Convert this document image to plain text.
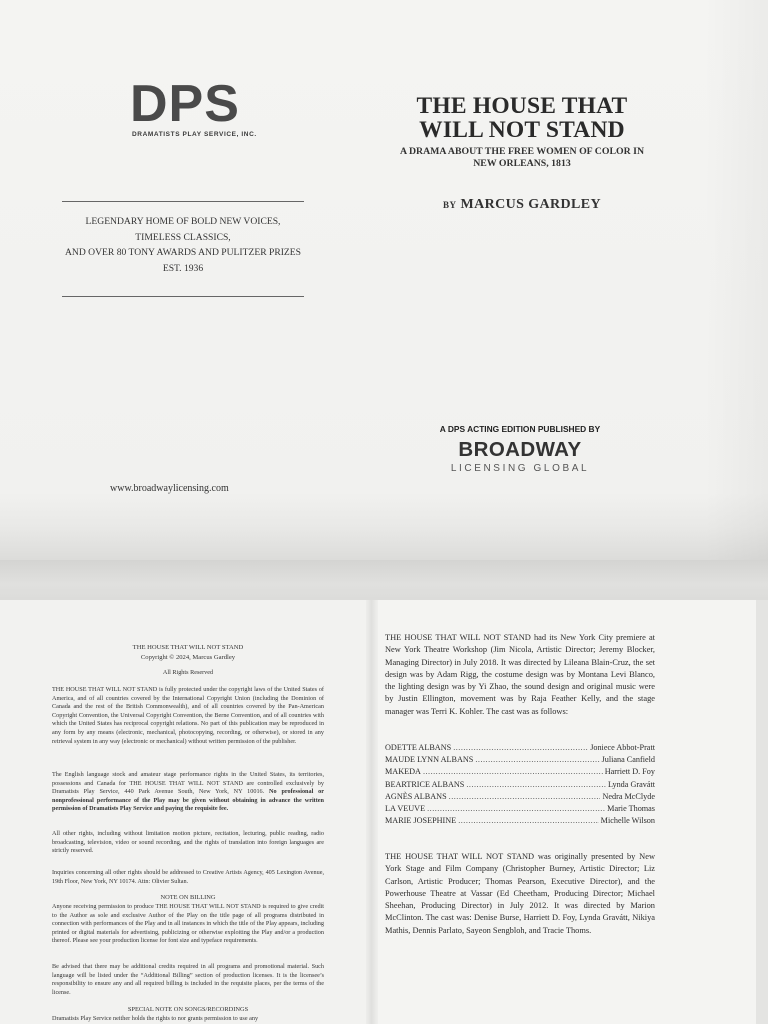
DPS
DRAMATISTS PLAY SERVICE, INC.
LEGENDARY HOME OF BOLD NEW VOICES,
TIMELESS CLASSICS,
AND OVER 80 TONY AWARDS AND PULITZER PRIZES
EST. 1936
www.broadwaylicensing.com
THE HOUSE THAT WILL NOT STAND
A DRAMA ABOUT THE FREE WOMEN OF COLOR IN NEW ORLEANS, 1813
BY MARCUS GARDLEY
A DPS ACTING EDITION PUBLISHED BY
BROADWAY
LICENSING GLOBAL
THE HOUSE THAT WILL NOT STAND
Copyright © 2024, Marcus Gardley
All Rights Reserved
THE HOUSE THAT WILL NOT STAND is fully protected under the copyright laws of the United States of America, and of all countries covered by the International Copyright Union (including the Dominion of Canada and the rest of the British Commonwealth), and of all countries covered by the Pan-American Copyright Convention, the Universal Copyright Convention, the Berne Convention, and of all countries with which the United States has reciprocal copyright relations. No part of this publication may be reproduced in any form by any means (electronic, mechanical, photocopying, recording, or otherwise), or stored in any retrieval system in any way (electronic or mechanical) without written permission of the publisher.
The English language stock and amateur stage performance rights in the United States, its territories, possessions and Canada for THE HOUSE THAT WILL NOT STAND are controlled exclusively by Dramatists Play Service, 440 Park Avenue South, New York, NY 10016. No professional or nonprofessional performance of the Play may be given without obtaining in advance the written permission of Dramatists Play Service and paying the requisite fee.
All other rights, including without limitation motion picture, recitation, lecturing, public reading, radio broadcasting, television, video or sound recording, and the rights of translation into foreign languages are strictly reserved.
Inquiries concerning all other rights should be addressed to Creative Artists Agency, 405 Lexington Avenue, 19th Floor, New York, NY 10174. Attn: Olivier Sultan.
NOTE ON BILLING
Anyone receiving permission to produce THE HOUSE THAT WILL NOT STAND is required to give credit to the Author as sole and exclusive Author of the Play on the title page of all programs distributed in connection with performances of the Play and in all instances in which the title of the Play appears, including printed or digital materials for advertising, publicizing or otherwise exploiting the Play and/or a production thereof. Please see your production license for font size and typeface requirements.
Be advised that there may be additional credits required in all programs and promotional material. Such language will be listed under the “Additional Billing” section of production licenses. It is the licensee’s responsibility to ensure any and all required billing is included in the requisite places, per the terms of the license.
SPECIAL NOTE ON SONGS/RECORDINGS
Dramatists Play Service neither holds the rights to nor grants permission to use any
THE HOUSE THAT WILL NOT STAND had its New York City premiere at New York Theatre Workshop (Jim Nicola, Artistic Director; Jeremy Blocker, Managing Director) in July 2018. It was directed by Lileana Blain-Cruz, the set design was by Adam Rigg, the costume design was by Montana Levi Blanco, the lighting design was by Yi Zhao, the sound design and original music were by Justin Ellington, movement was by Raja Feather Kelly, and the stage manager was Terri K. Kohler. The cast was as follows:
ODETTE ALBANS .....	Joniece Abbot-Pratt
MAUDE LYNN ALBANS .....	Juliana Canfield
MAKEDA .....	Harriett D. Foy
BEARTRICE ALBANS .....	Lynda Gravátt
AGNÈS ALBANS .....	Nedra McClyde
LA VEUVE .....	Marie Thomas
MARIE JOSEPHINE .....	Michelle Wilson
THE HOUSE THAT WILL NOT STAND was originally presented by New York Stage and Film Company (Christopher Burney, Artistic Director; Liz Carlson, Artistic Producer; Thomas Pearson, Executive Director), and the Powerhouse Theatre at Vassar (Ed Cheetham, Producing Director; Michael Sheehan, Producing Director) in July 2012. It was directed by Marion McClinton. The cast was: Denise Burse, Harriett D. Foy, Lynda Gravátt, Nikiya Mathis, Dennis Parlato, Sayeon Sengbloh, and Tracie Thoms.
